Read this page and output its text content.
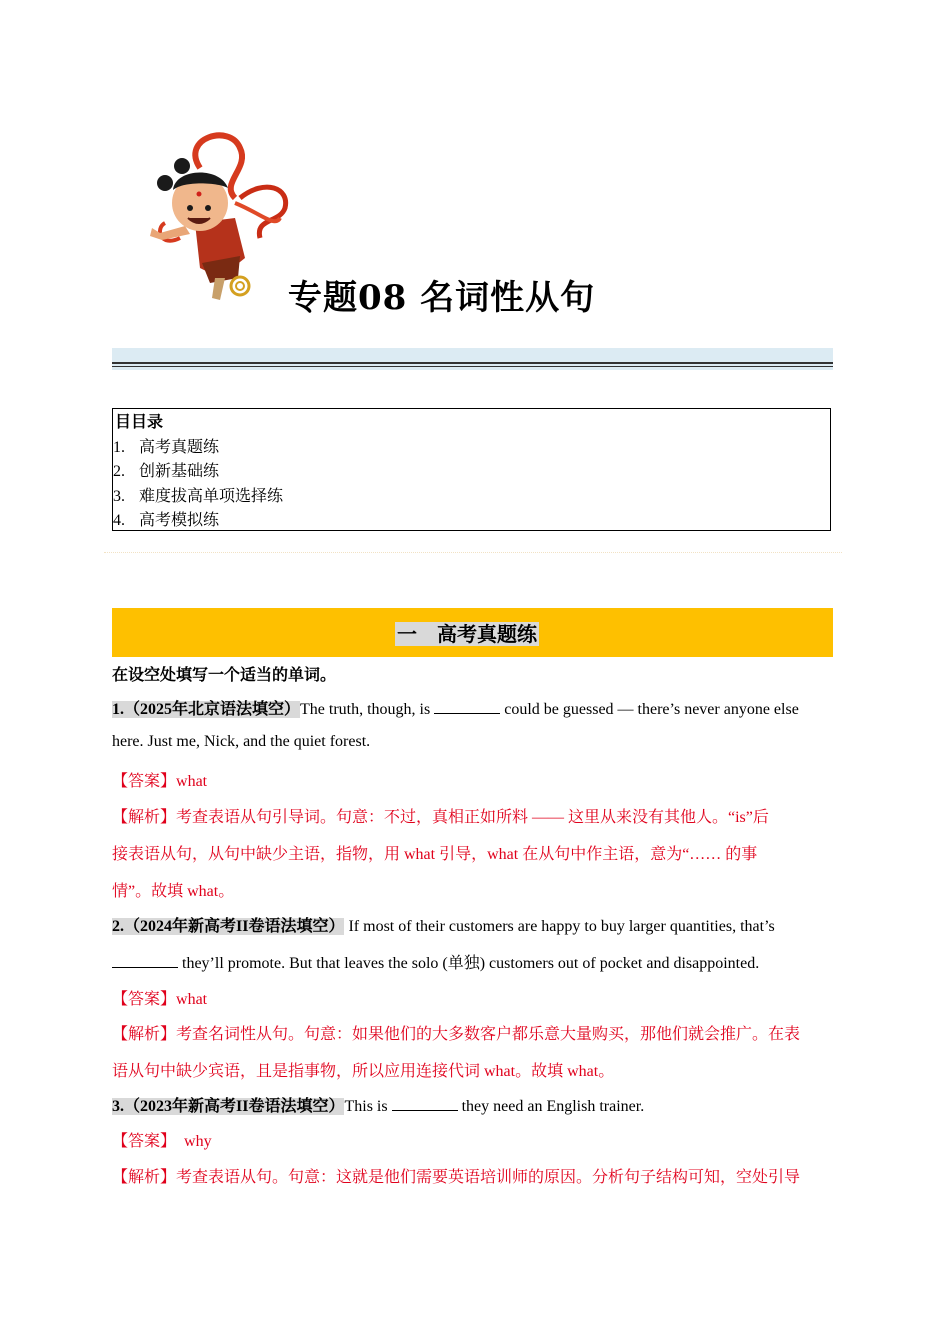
专题08 名词性从句
目目录
1. 高考真题练
2. 创新基础练
3. 难度拔高单项选择练
4. 高考模拟练
一　高考真题练
在设空处填写一个适当的单词。
1.（2025年北京语法填空）The truth, though, is	could be guessed — there’s never anyone else
here. Just me, Nick, and the quiet forest.
【答案】what
【解析】考查表语从句引导词。句意：不过，真相正如所料 —— 这里从来没有其他人。“is”后
接表语从句，从句中缺少主语，指物，用 what 引导，what 在从句中作主语，意为“…… 的事
情”。故填 what。
2.（2024年新高考II卷语法填空） If most of their customers are happy to buy larger quantities, that’s
they’ll promote. But that leaves the solo (单独) customers out of pocket and disappointed.
【答案】what
【解析】考查名词性从句。句意：如果他们的大多数客户都乐意大量购买，那他们就会推广。在表
语从句中缺少宾语，且是指事物，所以应用连接代词 what。故填 what。
3.（2023年新高考II卷语法填空）This is	they need an English trainer.
【答案】  why
【解析】考查表语从句。句意：这就是他们需要英语培训师的原因。分析句子结构可知，空处引导
